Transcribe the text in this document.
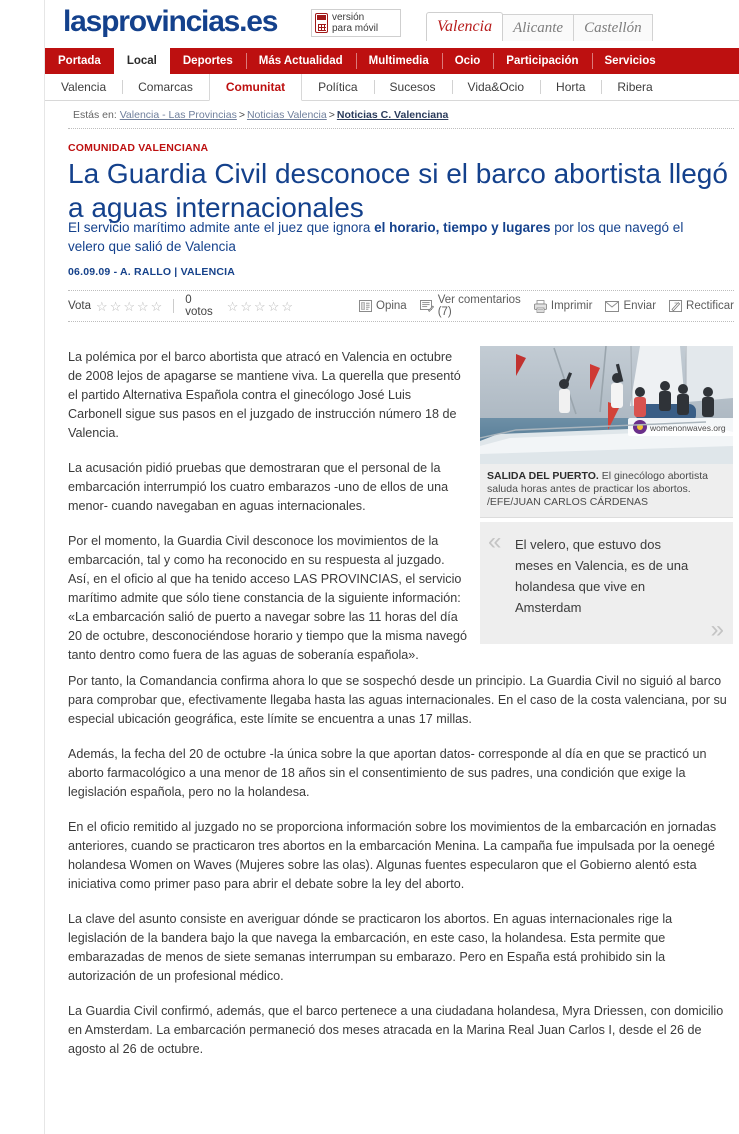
lasprovincias.es	versión
para móvil	Valencia	Alicante	Castellón
Portada	Local	Deportes	Más Actualidad	Multimedia	Ocio	Participación	Servicios
Valencia	Comarcas	Comunitat	Política	Sucesos	Vida&Ocio	Horta	Ribera
Estás en: Valencia - Las Provincias > Noticias Valencia > Noticias C. Valenciana
COMUNIDAD VALENCIANA
La Guardia Civil desconoce si el barco abortista llegó a aguas internacionales

El servicio marítimo admite ante el juez que ignora el horario, tiempo y lugares por los que navegó el velero que salió de Valencia

06.09.09 - A. RALLO | VALENCIA
Vota ☆ ☆ ☆ ☆ ☆ 0 votos	☆ ☆ ☆ ☆ ☆	Opina	Ver comentarios (7)	Imprimir	Enviar	Rectificar

La polémica por el barco abortista que atracó en Valencia en octubre de 2008 lejos de apagarse se mantiene viva. La querella que presentó el partido Alternativa Española contra el ginecólogo José Luis Carbonell sigue sus pasos en el juzgado de instrucción número 18 de Valencia.

La acusación pidió pruebas que demostraran que el personal de la embarcación interrumpió los cuatro embarazos -uno de ellos de una menor- cuando navegaban en aguas internacionales.

Por el momento, la Guardia Civil desconoce los movimientos de la embarcación, tal y como ha reconocido en su respuesta al juzgado. Así, en el oficio al que ha tenido acceso LAS PROVINCIAS, el servicio marítimo admite que sólo tiene constancia de la siguiente información: «La embarcación salió de puerto a navegar sobre las 11 horas del día 20 de octubre, desconociéndose horario y tiempo que la misma navegó tanto dentro como fuera de las aguas de soberanía española».

womenonwaves.org
SALIDA DEL PUERTO. El ginecólogo abortista saluda horas antes de practicar los abortos.
/EFE/JUAN CARLOS CÁRDENAS
« El velero, que estuvo dos meses en Valencia, es de una holandesa que vive en Amsterdam
»

Por tanto, la Comandancia confirma ahora lo que se sospechó desde un principio. La Guardia Civil no siguió al barco para comprobar que, efectivamente llegaba hasta las aguas internacionales. En el caso de la costa valenciana, por su especial ubicación geográfica, este límite se encuentra a unas 17 millas.

Además, la fecha del 20 de octubre -la única sobre la que aportan datos- corresponde al día en que se practicó un aborto farmacológico a una menor de 18 años sin el consentimiento de sus padres, una condición que exige la legislación española, pero no la holandesa.

En el oficio remitido al juzgado no se proporciona información sobre los movimientos de la embarcación en jornadas anteriores, cuando se practicaron tres abortos en la embarcación Menina. La campaña fue impulsada por la oenegé holandesa Women on Waves (Mujeres sobre las olas). Algunas fuentes especularon que el Gobierno alentó esta iniciativa como primer paso para abrir el debate sobre la ley del aborto.

La clave del asunto consiste en averiguar dónde se practicaron los abortos. En aguas internacionales rige la legislación de la bandera bajo la que navega la embarcación, en este caso, la holandesa. Esta permite que embarazadas de menos de siete semanas interrumpan su embarazo. Pero en España está prohibido sin la autorización de un profesional médico.

La Guardia Civil confirmó, además, que el barco pertenece a una ciudadana holandesa, Myra Driessen, con domicilio en Amsterdam. La embarcación permaneció dos meses atracada en la Marina Real Juan Carlos I, desde el 26 de agosto al 26 de octubre.
